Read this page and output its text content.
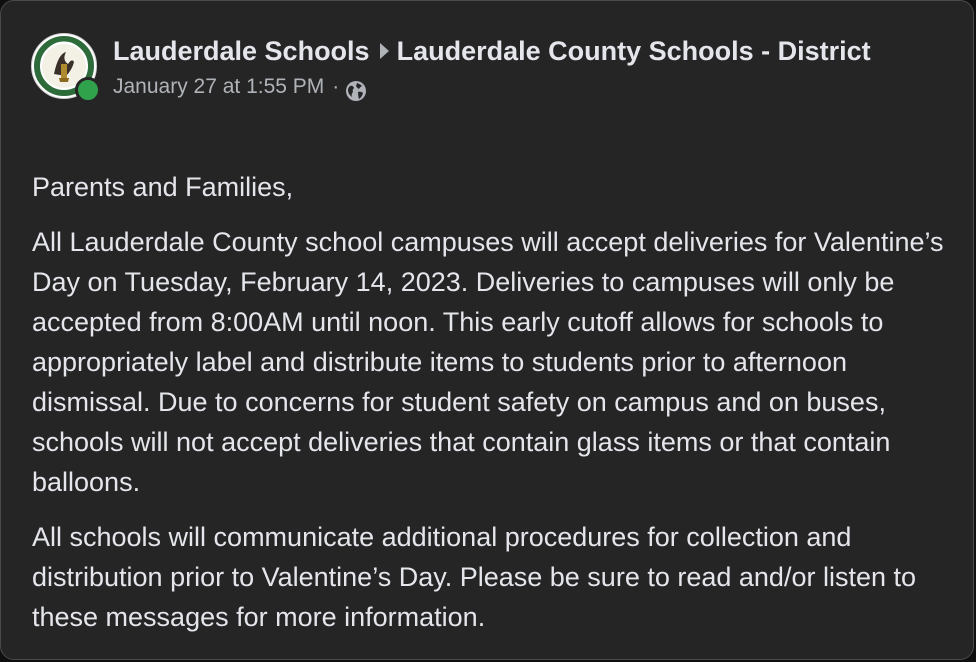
Lauderdale Schools Lauderdale County Schools - District
January 27 at 1:55 PM ·

Parents and Families,

All Lauderdale County school campuses will accept deliveries for Valentine’s Day on Tuesday, February 14, 2023. Deliveries to campuses will only be accepted from 8:00AM until noon. This early cutoff allows for schools to appropriately label and distribute items to students prior to afternoon dismissal. Due to concerns for student safety on campus and on buses, schools will not accept deliveries that contain glass items or that contain balloons.

All schools will communicate additional procedures for collection and distribution prior to Valentine’s Day. Please be sure to read and/or listen to these messages for more information.
